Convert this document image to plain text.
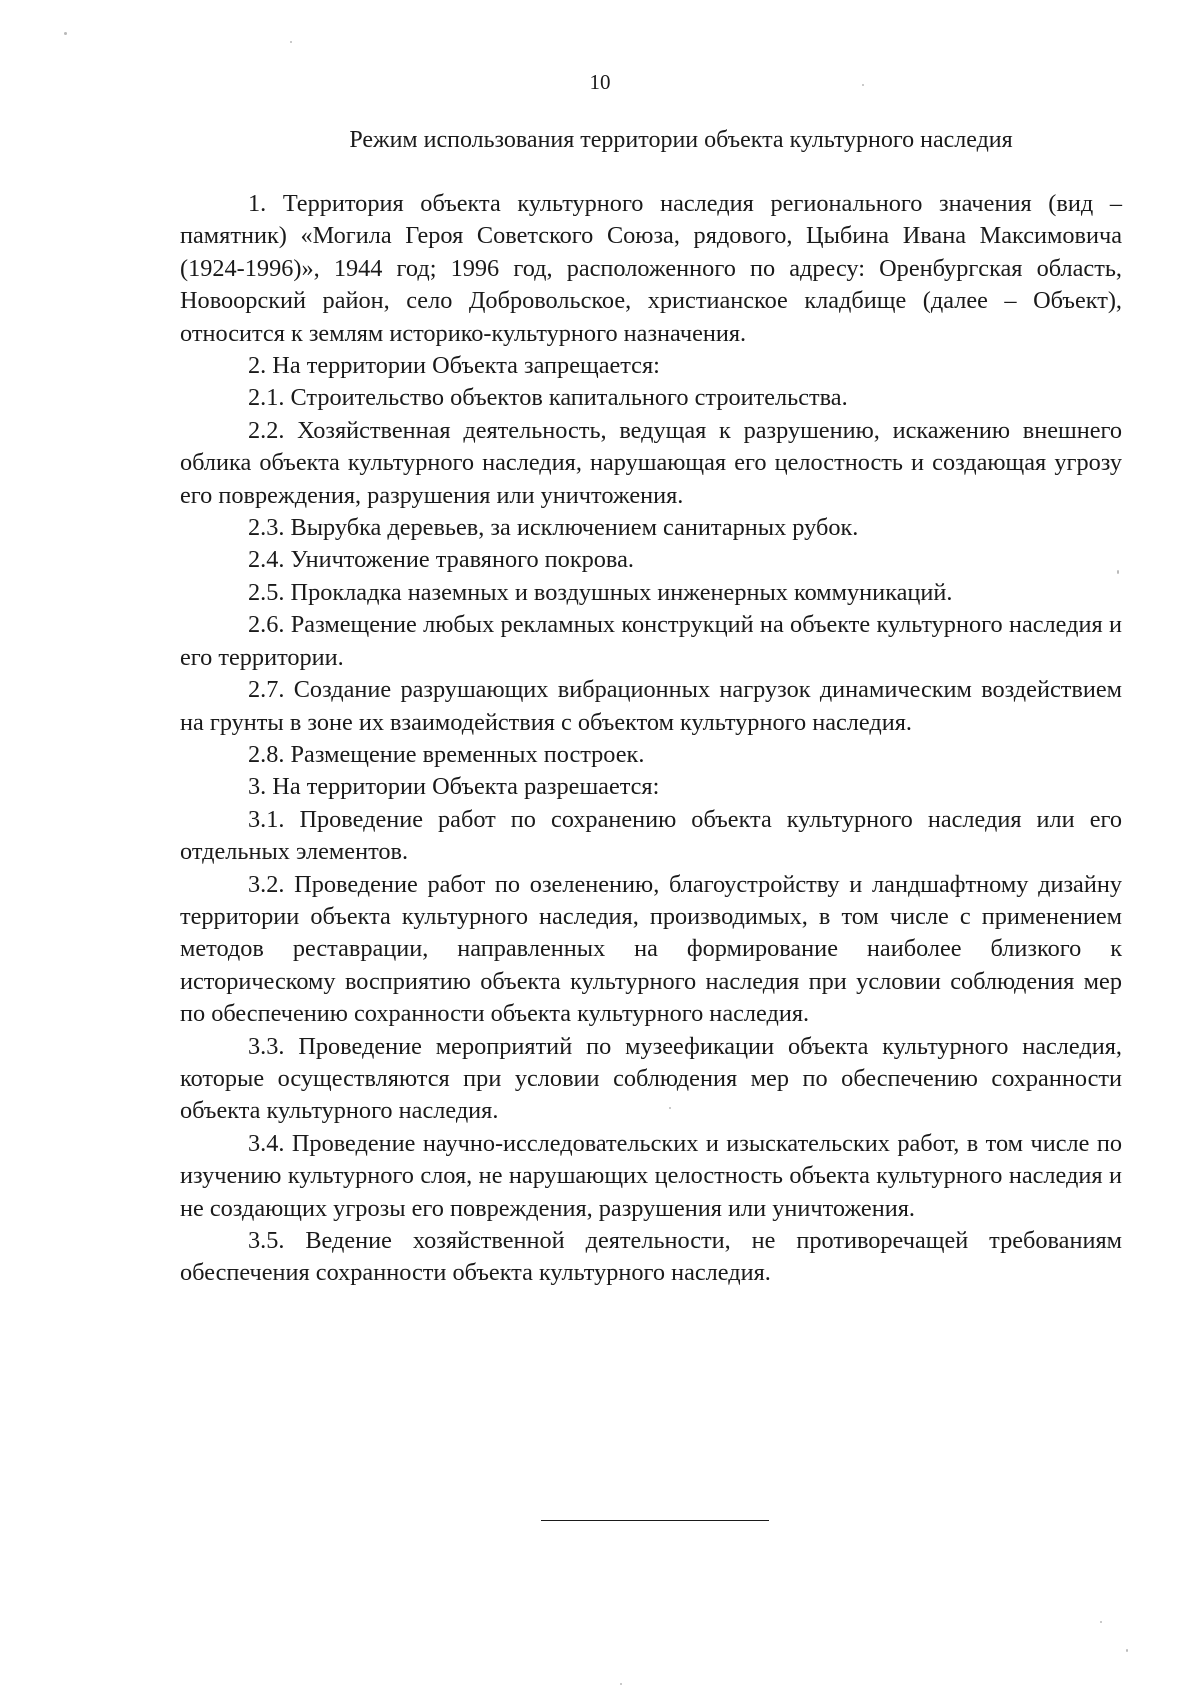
10
Режим использования территории объекта культурного наследия

1. Территория объекта культурного наследия регионального значения (вид – памятник) «Могила Героя Советского Союза, рядового, Цыбина Ивана Максимовича (1924-1996)», 1944 год; 1996 год, расположенного по адресу: Оренбургская область, Новоорский район, село Добровольское, христианское кладбище (далее – Объект), относится к землям историко-культурного назначения.

2. На территории Объекта запрещается:

2.1. Строительство объектов капитального строительства.

2.2. Хозяйственная деятельность, ведущая к разрушению, искажению внешнего облика объекта культурного наследия, нарушающая его целостность и создающая угрозу его повреждения, разрушения или уничтожения.

2.3. Вырубка деревьев, за исключением санитарных рубок.

2.4. Уничтожение травяного покрова.

2.5. Прокладка наземных и воздушных инженерных коммуникаций.

2.6. Размещение любых рекламных конструкций на объекте культурного наследия и его территории.

2.7. Создание разрушающих вибрационных нагрузок динамическим воздействием на грунты в зоне их взаимодействия с объектом культурного наследия.

2.8. Размещение временных построек.

3. На территории Объекта разрешается:

3.1. Проведение работ по сохранению объекта культурного наследия или его отдельных элементов.

3.2. Проведение работ по озеленению, благоустройству и ландшафтному дизайну территории объекта культурного наследия, производимых, в том числе с применением методов реставрации, направленных на формирование наиболее близкого к историческому восприятию объекта культурного наследия при условии соблюдения мер по обеспечению сохранности объекта культурного наследия.

3.3. Проведение мероприятий по музеефикации объекта культурного наследия, которые осуществляются при условии соблюдения мер по обеспечению сохранности объекта культурного наследия.

3.4. Проведение научно-исследовательских и изыскательских работ, в том числе по изучению культурного слоя, не нарушающих целостность объекта культурного наследия и не создающих угрозы его повреждения, разрушения или уничтожения.

3.5. Ведение хозяйственной деятельности, не противоречащей требованиям обеспечения сохранности объекта культурного наследия.
